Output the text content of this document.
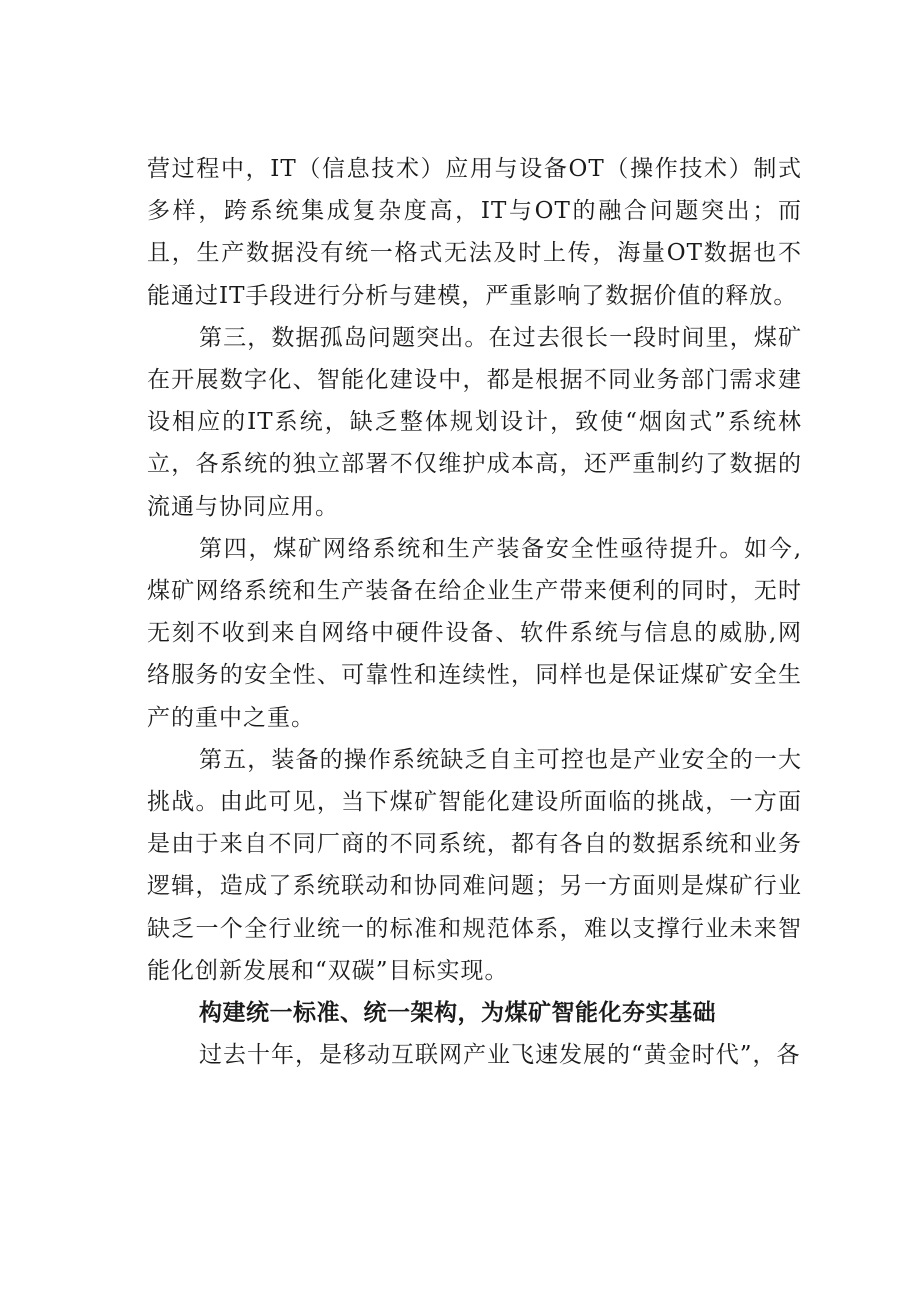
营过程中，IT（信息技术）应用与设备OT（操作技术）制式多样，跨系统集成复杂度高，IT与OT的融合问题突出；而且，生产数据没有统一格式无法及时上传，海量OT数据也不能通过IT手段进行分析与建模，严重影响了数据价值的释放。

第三，数据孤岛问题突出。在过去很长一段时间里，煤矿在开展数字化、智能化建设中，都是根据不同业务部门需求建设相应的IT系统，缺乏整体规划设计，致使“烟囱式”系统林立，各系统的独立部署不仅维护成本高，还严重制约了数据的流通与协同应用。

第四，煤矿网络系统和生产装备安全性亟待提升。如今,煤矿网络系统和生产装备在给企业生产带来便利的同时，无时无刻不收到来自网络中硬件设备、软件系统与信息的威胁,网络服务的安全性、可靠性和连续性，同样也是保证煤矿安全生产的重中之重。

第五，装备的操作系统缺乏自主可控也是产业安全的一大挑战。由此可见，当下煤矿智能化建设所面临的挑战，一方面是由于来自不同厂商的不同系统，都有各自的数据系统和业务逻辑，造成了系统联动和协同难问题；另一方面则是煤矿行业缺乏一个全行业统一的标准和规范体系，难以支撑行业未来智能化创新发展和“双碳”目标实现。

构建统一标准、统一架构，为煤矿智能化夯实基础

过去十年，是移动互联网产业飞速发展的“黄金时代”，各
